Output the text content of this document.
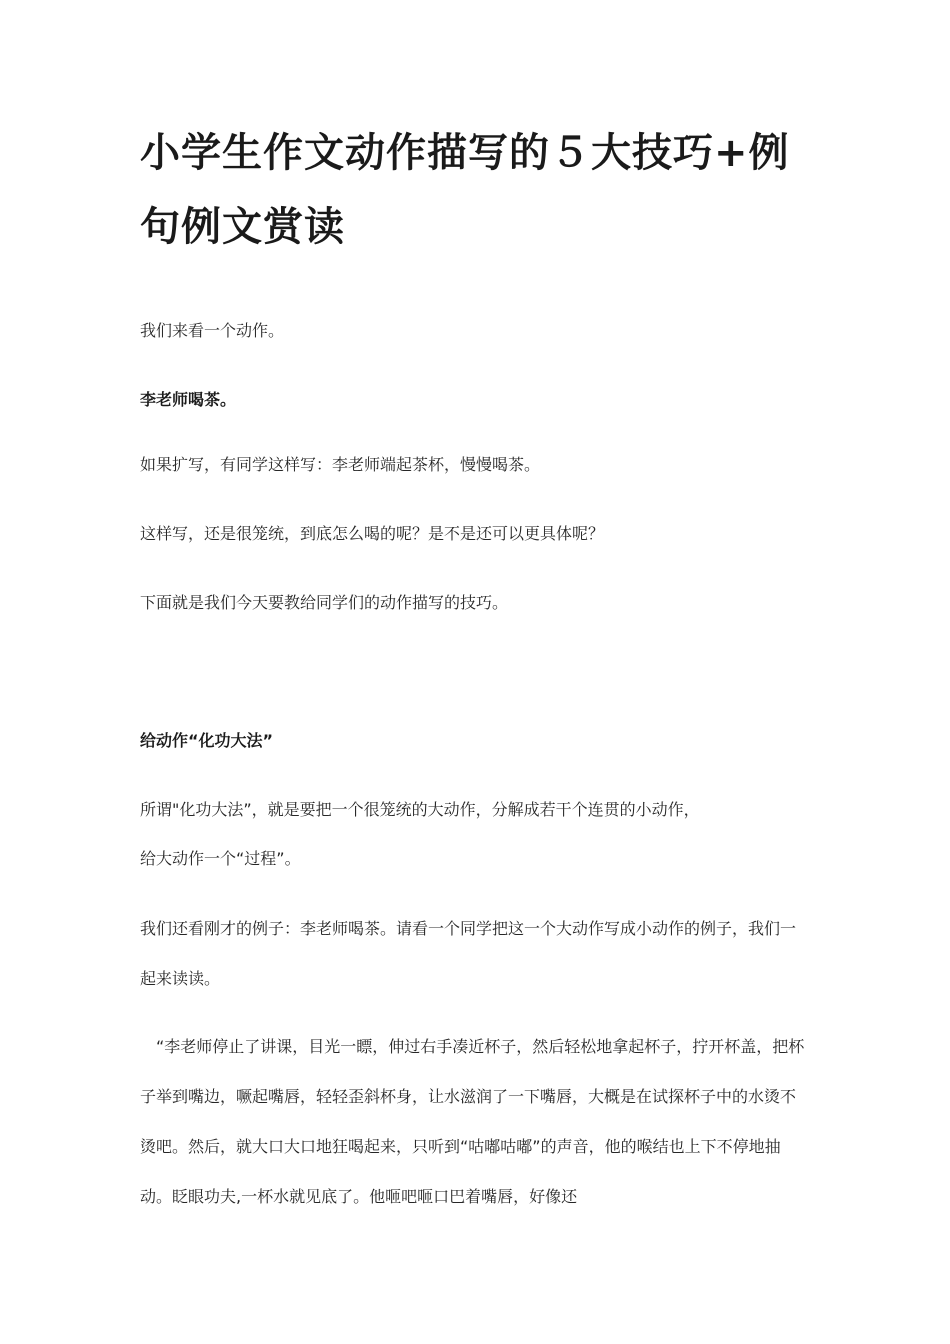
小学生作文动作描写的５大技巧+例句例文赏读

我们来看一个动作。

李老师喝茶。

如果扩写，有同学这样写：李老师端起茶杯，慢慢喝茶。

这样写，还是很笼统，到底怎么喝的呢？是不是还可以更具体呢？

下面就是我们今天要教给同学们的动作描写的技巧。

给动作“化功大法”

所谓"化功大法”，就是要把一个很笼统的大动作，分解成若干个连贯的小动作，

给大动作一个“过程”。

我们还看刚才的例子：李老师喝茶。请看一个同学把这一个大动作写成小动作的例子，我们一起来读读。

“李老师停止了讲课，目光一瞟，伸过右手凑近杯子，然后轻松地拿起杯子，拧开杯盖，把杯子举到嘴边，噘起嘴唇，轻轻歪斜杯身，让水滋润了一下嘴唇，大概是在试探杯子中的水烫不烫吧。然后，就大口大口地狂喝起来，只听到“咕嘟咕嘟”的声音，他的喉结也上下不停地抽动。眨眼功夫,一杯水就见底了。他咂吧咂口巴着嘴唇，好像还
